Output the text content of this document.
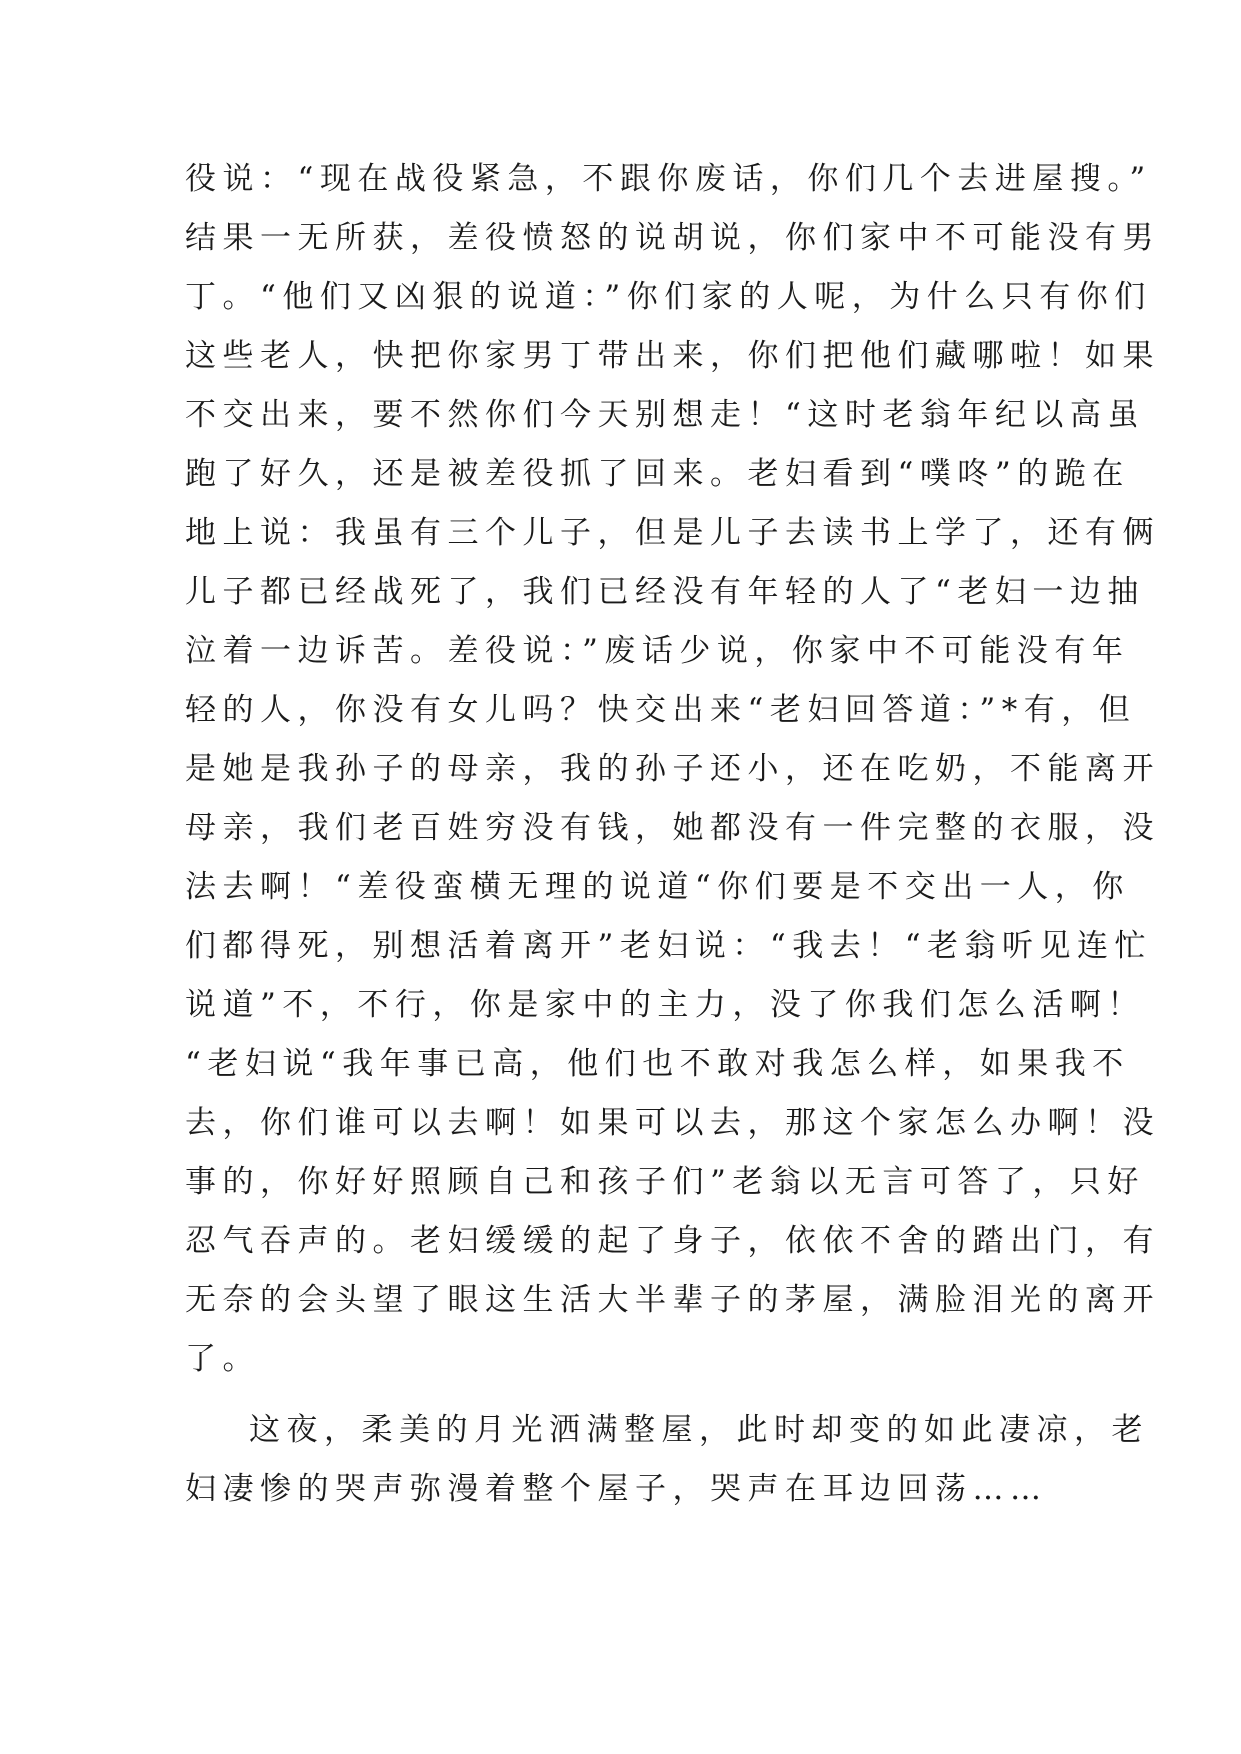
役说：“现在战役紧急，不跟你废话，你们几个去进屋搜。”
结果一无所获，差役愤怒的说胡说，你们家中不可能没有男
丁。“他们又凶狠的说道：”你们家的人呢，为什么只有你们
这些老人，快把你家男丁带出来，你们把他们藏哪啦！如果
不交出来，要不然你们今天别想走！“这时老翁年纪以高虽
跑了好久，还是被差役抓了回来。老妇看到“噗咚”的跪在
地上说：我虽有三个儿子，但是儿子去读书上学了，还有俩
儿子都已经战死了，我们已经没有年轻的人了“老妇一边抽
泣着一边诉苦。差役说：”废话少说，你家中不可能没有年
轻的人，你没有女儿吗？快交出来“老妇回答道：”*有，但
是她是我孙子的母亲，我的孙子还小，还在吃奶，不能离开
母亲，我们老百姓穷没有钱，她都没有一件完整的衣服，没
法去啊！“差役蛮横无理的说道“你们要是不交出一人，你
们都得死，别想活着离开”老妇说：“我去！“老翁听见连忙
说道”不，不行，你是家中的主力，没了你我们怎么活啊！
“老妇说“我年事已高，他们也不敢对我怎么样，如果我不
去，你们谁可以去啊！如果可以去，那这个家怎么办啊！没
事的，你好好照顾自己和孩子们”老翁以无言可答了，只好
忍气吞声的。老妇缓缓的起了身子，依依不舍的踏出门，有
无奈的会头望了眼这生活大半辈子的茅屋，满脸泪光的离开
了。
这夜，柔美的月光洒满整屋，此时却变的如此凄凉，老
妇凄惨的哭声弥漫着整个屋子，哭声在耳边回荡……
